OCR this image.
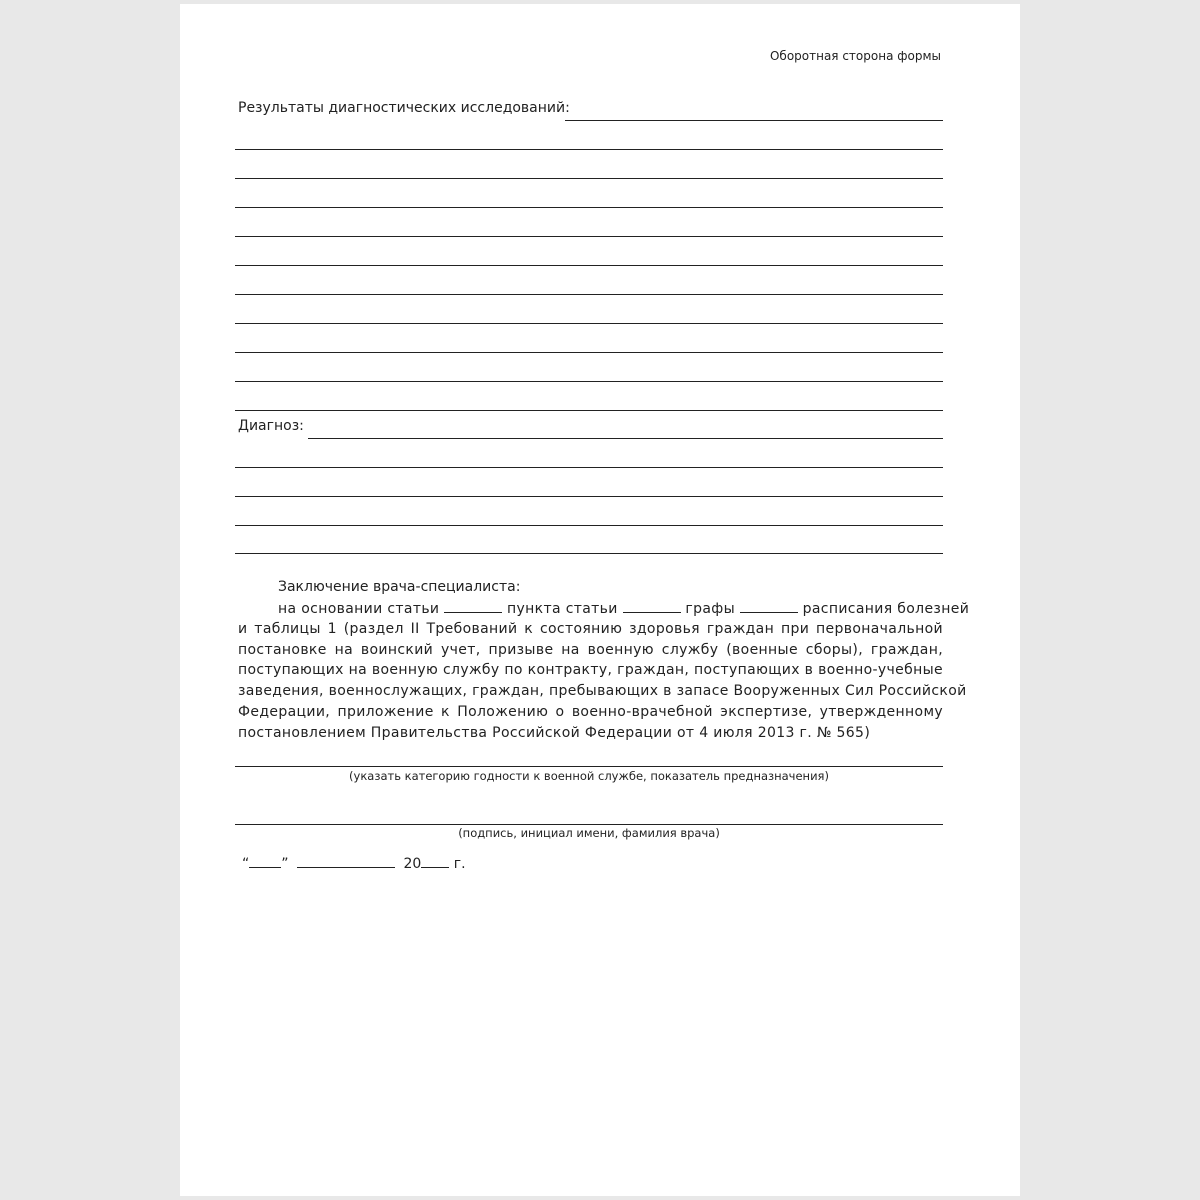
Оборотная сторона формы
Результаты диагностических исследований:
Диагноз:
Заключение врача-специалиста:
на основании статьи	пункта статьи	графы	расписания болезней
и таблицы 1 (раздел II Требований к состоянию здоровья граждан при первоначальной
постановке на воинский учет, призыве на военную службу (военные сборы), граждан,
поступающих на военную службу по контракту, граждан, поступающих в военно-учебные
заведения, военнослужащих, граждан, пребывающих в запасе Вооруженных Сил Российской
Федерации, приложение к Положению о военно-врачебной экспертизе, утвержденному
постановлением Правительства Российской Федерации от 4 июля 2013 г. № 565)
(указать категорию годности к военной службе, показатель предназначения)
(подпись, инициал имени, фамилия врача)
“ ”	20 г.
